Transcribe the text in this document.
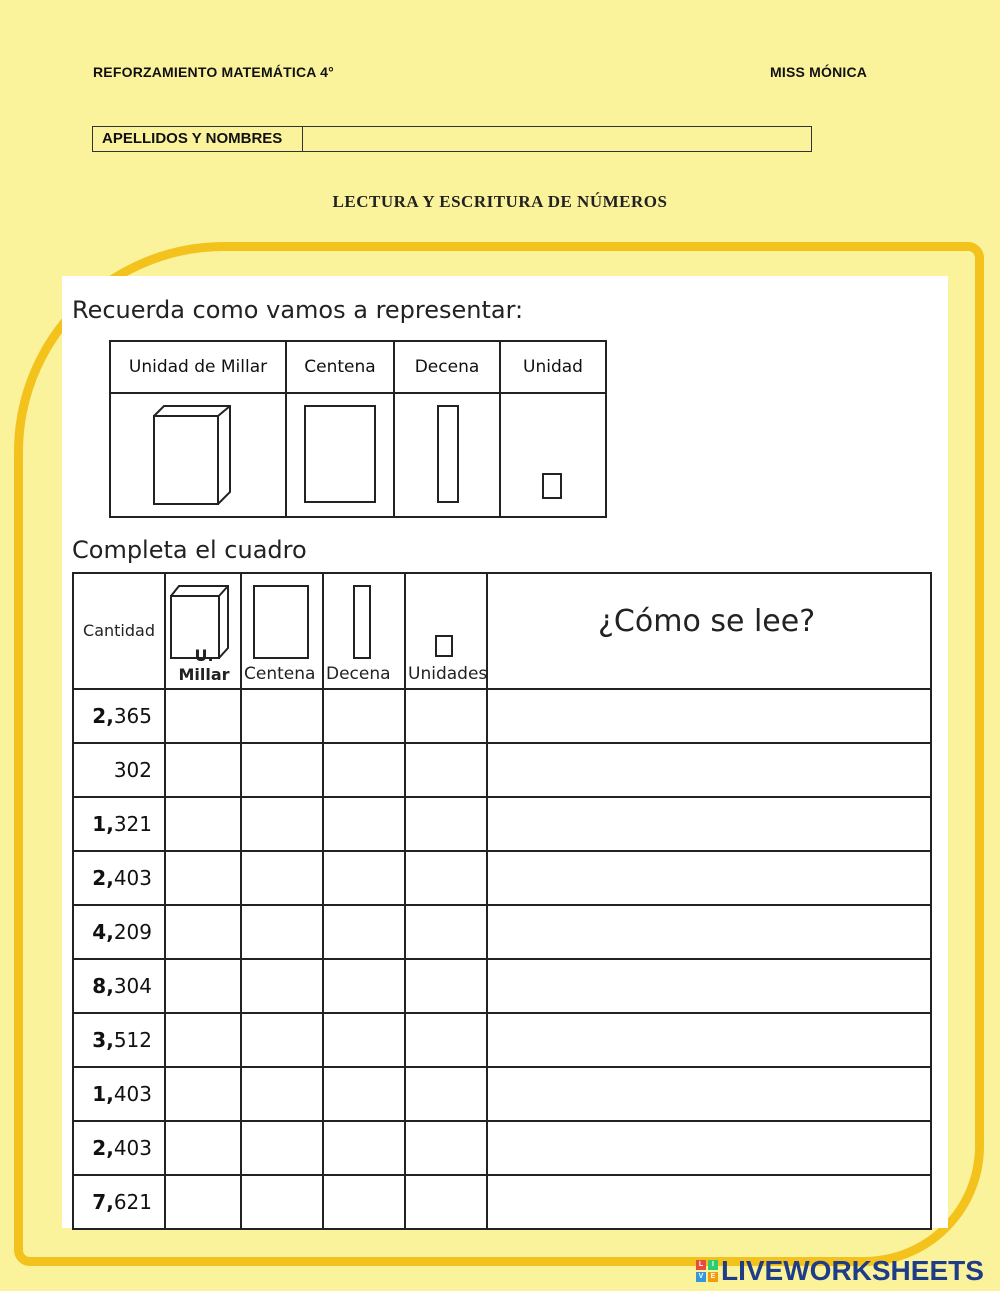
REFORZAMIENTO MATEMÁTICA 4°	MISS MÓNICA
APELLIDOS Y NOMBRES
LECTURA Y ESCRITURA DE NÚMEROS
Recuerda como vamos a representar:
Unidad de Millar	Centena	Decena	Unidad

Completa el cuadro
Cantidad	U. Millar	Centena	Decena	Unidades	¿Cómo se lee?

2,365					
302					
1,321					
2,403					
4,209					
8,304					
3,512					
1,403					
2,403					
7,621					
L	I
V	E LIVEWORKSHEETS
